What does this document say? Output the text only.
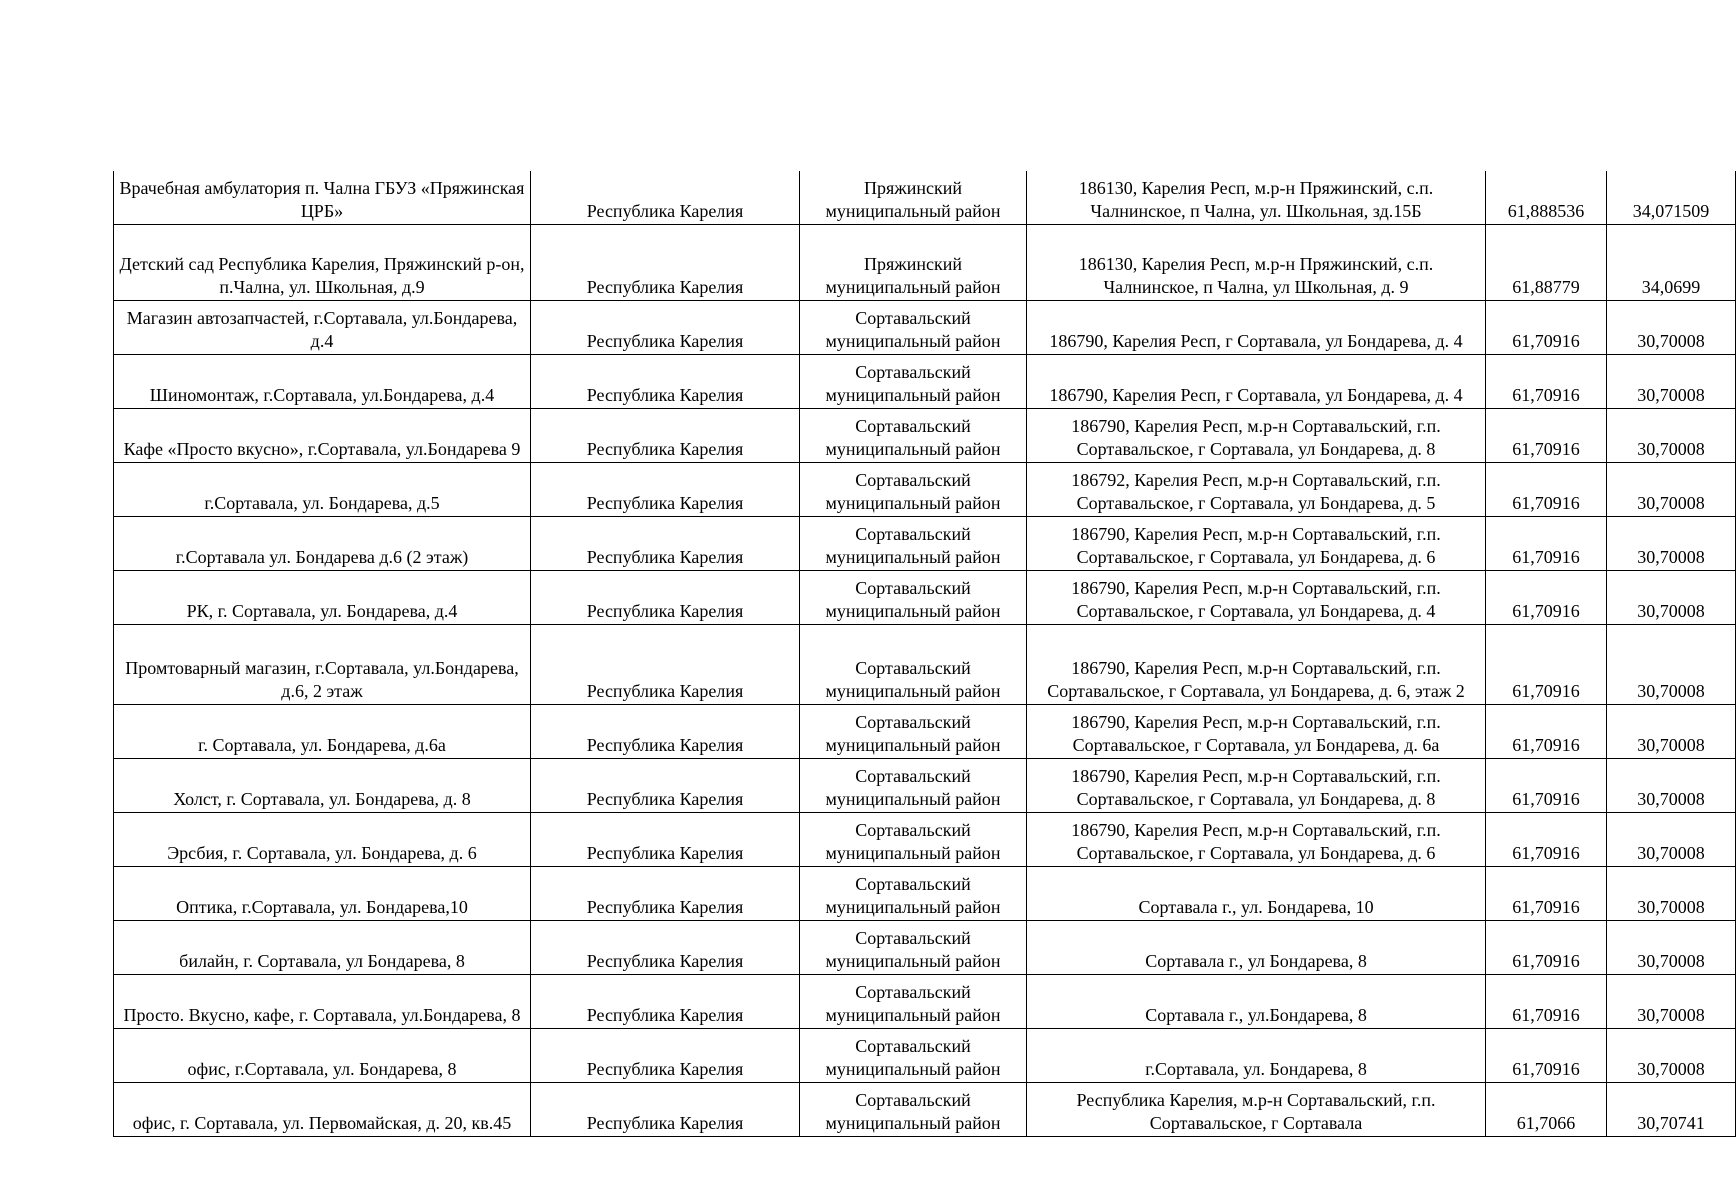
Врачебная амбулатория п. Чална ГБУЗ «Пряжинская ЦРБ»	Республика Карелия	Пряжинский муниципальный район	186130, Карелия Респ, м.р-н Пряжинский, с.п. Чалнинское, п Чална, ул. Школьная, зд.15Б	61,888536	34,071509
Детский сад Республика Карелия, Пряжинский р-он, п.Чална, ул. Школьная, д.9	Республика Карелия	Пряжинский муниципальный район	186130, Карелия Респ, м.р-н Пряжинский, с.п. Чалнинское, п Чална, ул Школьная, д. 9	61,88779	34,0699
Магазин автозапчастей, г.Сортавала, ул.Бондарева, д.4	Республика Карелия	Сортавальский муниципальный район	186790, Карелия Респ, г Сортавала, ул Бондарева, д. 4	61,70916	30,70008
Шиномонтаж, г.Сортавала, ул.Бондарева, д.4	Республика Карелия	Сортавальский муниципальный район	186790, Карелия Респ, г Сортавала, ул Бондарева, д. 4	61,70916	30,70008
Кафе «Просто вкусно», г.Сортавала, ул.Бондарева 9	Республика Карелия	Сортавальский муниципальный район	186790, Карелия Респ, м.р-н Сортавальский, г.п. Сортавальское, г Сортавала, ул Бондарева, д. 8	61,70916	30,70008
г.Сортавала, ул. Бондарева, д.5	Республика Карелия	Сортавальский муниципальный район	186792, Карелия Респ, м.р-н Сортавальский, г.п. Сортавальское, г Сортавала, ул Бондарева, д. 5	61,70916	30,70008
г.Сортавала ул. Бондарева д.6 (2 этаж)	Республика Карелия	Сортавальский муниципальный район	186790, Карелия Респ, м.р-н Сортавальский, г.п. Сортавальское, г Сортавала, ул Бондарева, д. 6	61,70916	30,70008
РК, г. Сортавала, ул. Бондарева, д.4	Республика Карелия	Сортавальский муниципальный район	186790, Карелия Респ, м.р-н Сортавальский, г.п. Сортавальское, г Сортавала, ул Бондарева, д. 4	61,70916	30,70008
Промтоварный магазин, г.Сортавала, ул.Бондарева, д.6, 2 этаж	Республика Карелия	Сортавальский муниципальный район	186790, Карелия Респ, м.р-н Сортавальский, г.п. Сортавальское, г Сортавала, ул Бондарева, д. 6, этаж 2	61,70916	30,70008
г. Сортавала, ул. Бондарева, д.6а	Республика Карелия	Сортавальский муниципальный район	186790, Карелия Респ, м.р-н Сортавальский, г.п. Сортавальское, г Сортавала, ул Бондарева, д. 6а	61,70916	30,70008
Холст, г. Сортавала, ул. Бондарева, д. 8	Республика Карелия	Сортавальский муниципальный район	186790, Карелия Респ, м.р-н Сортавальский, г.п. Сортавальское, г Сортавала, ул Бондарева, д. 8	61,70916	30,70008
Эрсбия, г. Сортавала, ул. Бондарева, д. 6	Республика Карелия	Сортавальский муниципальный район	186790, Карелия Респ, м.р-н Сортавальский, г.п. Сортавальское, г Сортавала, ул Бондарева, д. 6	61,70916	30,70008
Оптика, г.Сортавала, ул. Бондарева,10	Республика Карелия	Сортавальский муниципальный район	Сортавала г., ул. Бондарева, 10	61,70916	30,70008
билайн, г. Сортавала, ул Бондарева, 8	Республика Карелия	Сортавальский муниципальный район	Сортавала г., ул Бондарева, 8	61,70916	30,70008
Просто. Вкусно, кафе, г. Сортавала, ул.Бондарева, 8	Республика Карелия	Сортавальский муниципальный район	Сортавала г., ул.Бондарева, 8	61,70916	30,70008
офис, г.Сортавала, ул. Бондарева, 8	Республика Карелия	Сортавальский муниципальный район	г.Сортавала, ул. Бондарева, 8	61,70916	30,70008
офис, г. Сортавала, ул. Первомайская, д. 20, кв.45	Республика Карелия	Сортавальский муниципальный район	Республика Карелия, м.р-н Сортавальский, г.п. Сортавальское, г Сортавала	61,7066	30,70741
